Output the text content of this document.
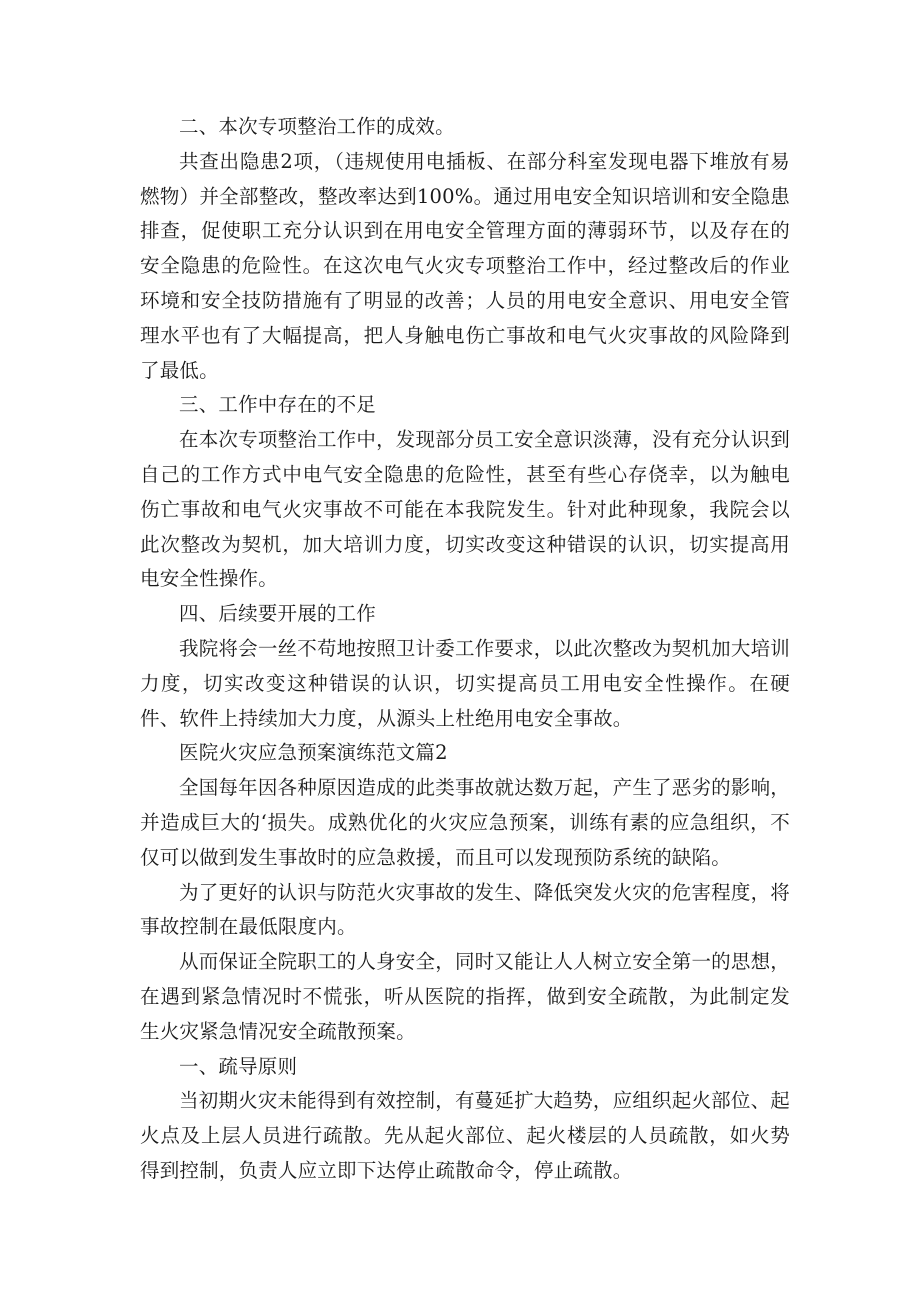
二、本次专项整治工作的成效。

共查出隐患2项，（违规使用电插板、在部分科室发现电器下堆放有易燃物）并全部整改，整改率达到100%。通过用电安全知识培训和安全隐患排查，促使职工充分认识到在用电安全管理方面的薄弱环节，以及存在的安全隐患的危险性。在这次电气火灾专项整治工作中，经过整改后的作业环境和安全技防措施有了明显的改善；人员的用电安全意识、用电安全管理水平也有了大幅提高，把人身触电伤亡事故和电气火灾事故的风险降到了最低。

三、工作中存在的不足

在本次专项整治工作中，发现部分员工安全意识淡薄，没有充分认识到自己的工作方式中电气安全隐患的危险性，甚至有些心存侥幸，以为触电伤亡事故和电气火灾事故不可能在本我院发生。针对此种现象，我院会以此次整改为契机，加大培训力度，切实改变这种错误的认识，切实提高用电安全性操作。

四、后续要开展的工作

我院将会一丝不苟地按照卫计委工作要求，以此次整改为契机加大培训力度，切实改变这种错误的认识，切实提高员工用电安全性操作。在硬件、软件上持续加大力度，从源头上杜绝用电安全事故。

医院火灾应急预案演练范文篇2

全国每年因各种原因造成的此类事故就达数万起，产生了恶劣的影响，并造成巨大的‘损失。成熟优化的火灾应急预案，训练有素的应急组织，不仅可以做到发生事故时的应急救援，而且可以发现预防系统的缺陷。

为了更好的认识与防范火灾事故的发生、降低突发火灾的危害程度，将事故控制在最低限度内。

从而保证全院职工的人身安全，同时又能让人人树立安全第一的思想，在遇到紧急情况时不慌张，听从医院的指挥，做到安全疏散，为此制定发生火灾紧急情况安全疏散预案。

一、疏导原则

当初期火灾未能得到有效控制，有蔓延扩大趋势，应组织起火部位、起火点及上层人员进行疏散。先从起火部位、起火楼层的人员疏散，如火势得到控制，负责人应立即下达停止疏散命令，停止疏散。
